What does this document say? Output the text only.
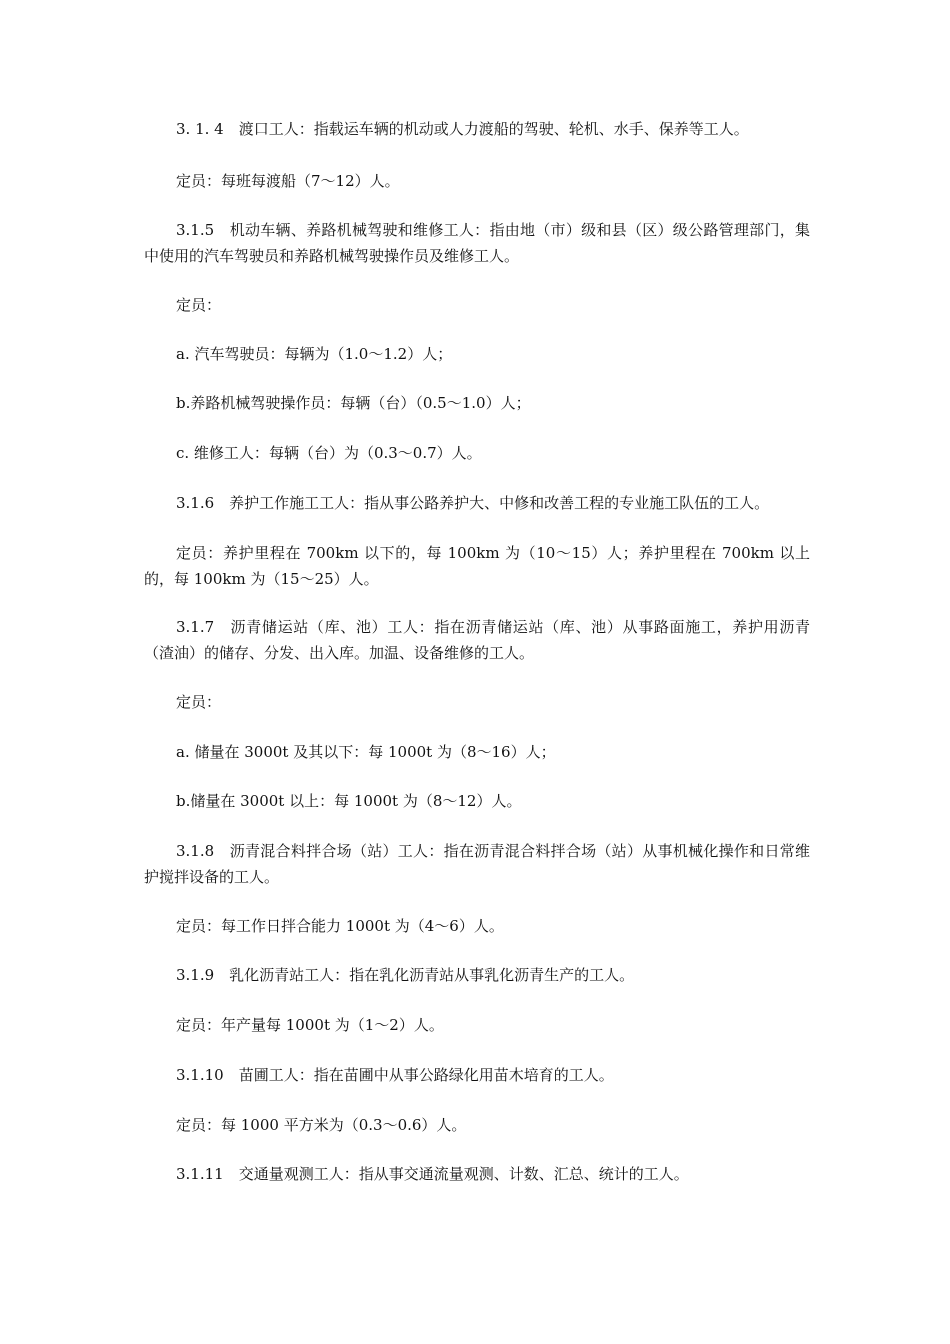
3. 1. 4　渡口工人：指载运车辆的机动或人力渡船的驾驶、轮机、水手、保养等工人。

定员：每班每渡船（7～12）人。

3.1.5　机动车辆、养路机械驾驶和维修工人：指由地（市）级和县（区）级公路管理部门，集中使用的汽车驾驶员和养路机械驾驶操作员及维修工人。

定员：

a. 汽车驾驶员：每辆为（1.0～1.2）人；

b.养路机械驾驶操作员：每辆（台）（0.5～1.0）人；

c. 维修工人：每辆（台）为（0.3～0.7）人。

3.1.6　养护工作施工工人：指从事公路养护大、中修和改善工程的专业施工队伍的工人。

定员：养护里程在 700km 以下的，每 100km 为（10～15）人；养护里程在 700km 以上的，每 100km 为（15～25）人。

3.1.7　沥青储运站（库、池）工人：指在沥青储运站（库、池）从事路面施工，养护用沥青（渣油）的储存、分发、出入库。加温、设备维修的工人。

定员：

a. 储量在 3000t 及其以下：每 1000t 为（8～16）人；

b.储量在 3000t 以上：每 1000t 为（8～12）人。

3.1.8　沥青混合料拌合场（站）工人：指在沥青混合料拌合场（站）从事机械化操作和日常维护搅拌设备的工人。

定员：每工作日拌合能力 1000t 为（4～6）人。

3.1.9　乳化沥青站工人：指在乳化沥青站从事乳化沥青生产的工人。

定员：年产量每 1000t 为（1～2）人。

3.1.10　苗圃工人：指在苗圃中从事公路绿化用苗木培育的工人。

定员：每 1000 平方米为（0.3～0.6）人。

3.1.11　交通量观测工人：指从事交通流量观测、计数、汇总、统计的工人。
